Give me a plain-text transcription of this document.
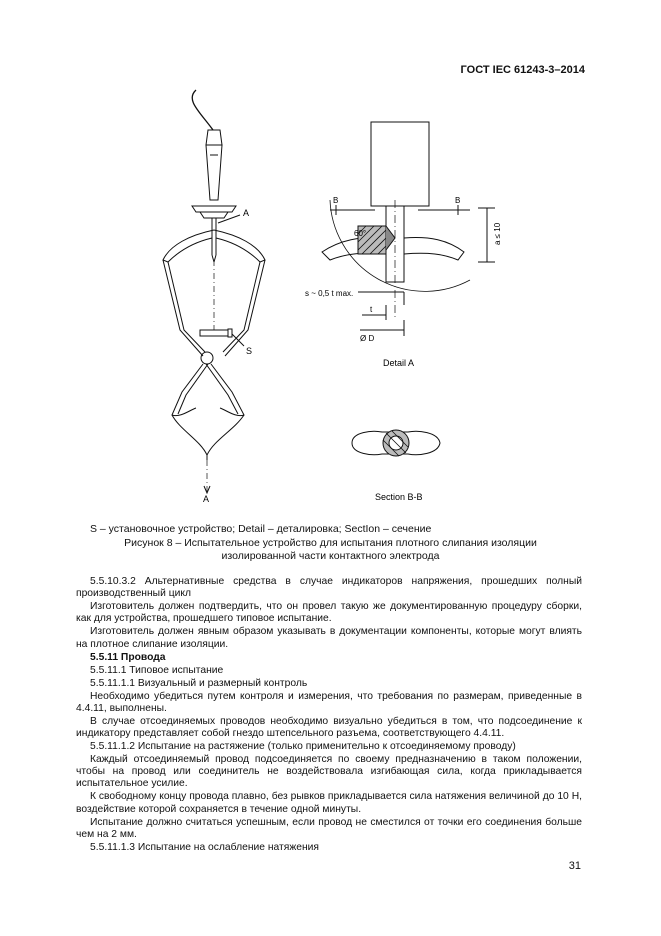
ГОСТ IEC 61243-3–2014
A
S
A
B	B
60°	a ≤ 10
s ~ 0,5 t max.
t
Ø D
Detail A
Section B-B
S – установочное устройство; Detail – деталировка; SectIon – сечение
Рисунок 8 – Испытательное устройство для испытания плотного слипания изоляции
изолированной части контактного электрода

5.5.10.3.2 Альтернативные средства в случае индикаторов напряжения, прошедших полный производственный цикл

Изготовитель должен подтвердить, что он провел такую же документированную процедуру сборки, как для устройства, прошедшего типовое испытание.

Изготовитель должен явным образом указывать в документации компоненты, которые могут влиять на плотное слипание изоляции.

5.5.11 Провода

5.5.11.1 Типовое испытание

5.5.11.1.1 Визуальный и размерный контроль

Необходимо убедиться путем контроля и измерения, что требования по размерам, приведенные в 4.4.11, выполнены.

В случае отсоединяемых проводов необходимо визуально убедиться в том, что подсоединение к индикатору представляет собой гнездо штепсельного разъема, соответствующего 4.4.11.

5.5.11.1.2 Испытание на растяжение (только применительно к отсоединяемому проводу)

Каждый отсоединяемый провод подсоединяется по своему предназначению в таком положении, чтобы на провод или соединитель не воздействовала изгибающая сила, когда прикладывается испытательное усилие.

К свободному концу провода плавно, без рывков прикладывается сила натяжения величиной до 10 Н, воздействие которой сохраняется в течение одной минуты.

Испытание должно считаться успешным, если провод не сместился от точки его соединения больше чем на 2 мм.

5.5.11.1.3 Испытание на ослабление натяжения

31
